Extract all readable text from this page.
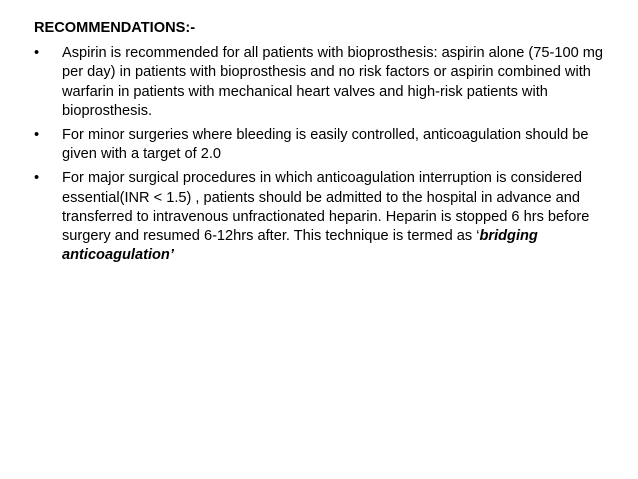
RECOMMENDATIONS:-
•	Aspirin is recommended for all patients with bioprosthesis: aspirin alone (75-100 mg per day) in patients with bioprosthesis and no risk factors or aspirin combined with warfarin in patients with mechanical heart valves and high-risk patients with bioprosthesis.
•	For minor surgeries where bleeding is easily controlled, anticoagulation should be given with a target of 2.0
•	For major surgical procedures in which anticoagulation interruption is considered essential(INR < 1.5) , patients should be admitted to the hospital in advance and transferred to intravenous unfractionated heparin. Heparin is stopped 6 hrs before surgery and resumed 6-12hrs after. This technique is termed as ‘bridging anticoagulation’
